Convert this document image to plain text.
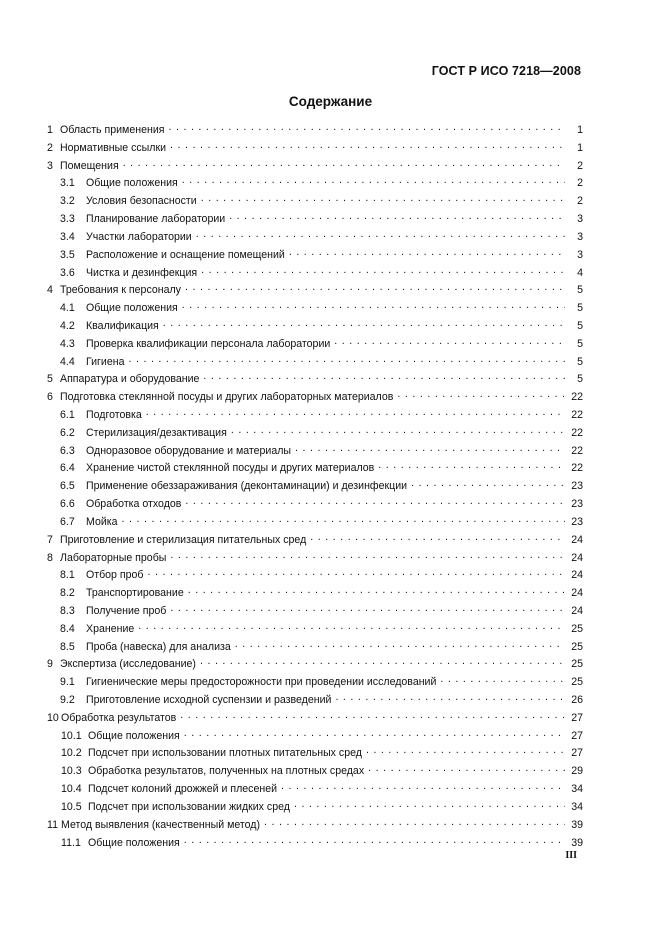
ГОСТ Р ИСО 7218—2008
Содержание
1 Область применения . . .	1
2 Нормативные ссылки . . .	1
3 Помещения . . .	2
3.1	Общие положения . . .	2
3.2	Условия безопасности . . .	2
3.3	Планирование лаборатории . . .	3
3.4	Участки лаборатории . . .	3
3.5	Расположение и оснащение помещений . . .	3
3.6	Чистка и дезинфекция . . .	4
4 Требования к персоналу . . .	5
4.1	Общие положения . . .	5
4.2	Квалификация . . .	5
4.3	Проверка квалификации персонала лаборатории . . .	5
4.4	Гигиена . . .	5
5 Аппаратура и оборудование . . .	5
6 Подготовка стеклянной посуды и других лабораторных материалов . . .	22
6.1	Подготовка . . .	22
6.2	Стерилизация/дезактивация . . .	22
6.3	Одноразовое оборудование и материалы . . .	22
6.4	Хранение чистой стеклянной посуды и других материалов . . .	22
6.5	Применение обеззараживания (деконтаминации) и дезинфекции . . .	23
6.6	Обработка отходов . . .	23
6.7	Мойка . . .	23
7 Приготовление и стерилизация питательных сред . . .	24
8 Лабораторные пробы . . .	24
8.1	Отбор проб . . .	24
8.2	Транспортирование . . .	24
8.3	Получение проб . . .	24
8.4	Хранение . . .	25
8.5	Проба (навеска) для анализа . . .	25
9 Экспертиза (исследование) . . .	25
9.1	Гигиенические меры предосторожности при проведении исследований . . .	25
9.2	Приготовление исходной суспензии и разведений . . .	26
10 Обработка результатов . . .	27
10.1 Общие положения . . .	27
10.2 Подсчет при использовании плотных питательных сред . . .	27
10.3 Обработка результатов, полученных на плотных средах . . .	29
10.4 Подсчет колоний дрожжей и плесеней . . .	34
10.5 Подсчет при использовании жидких сред . . .	34
11 Метод выявления (качественный метод) . . .	39
11.1 Общие положения . . .	39
III
